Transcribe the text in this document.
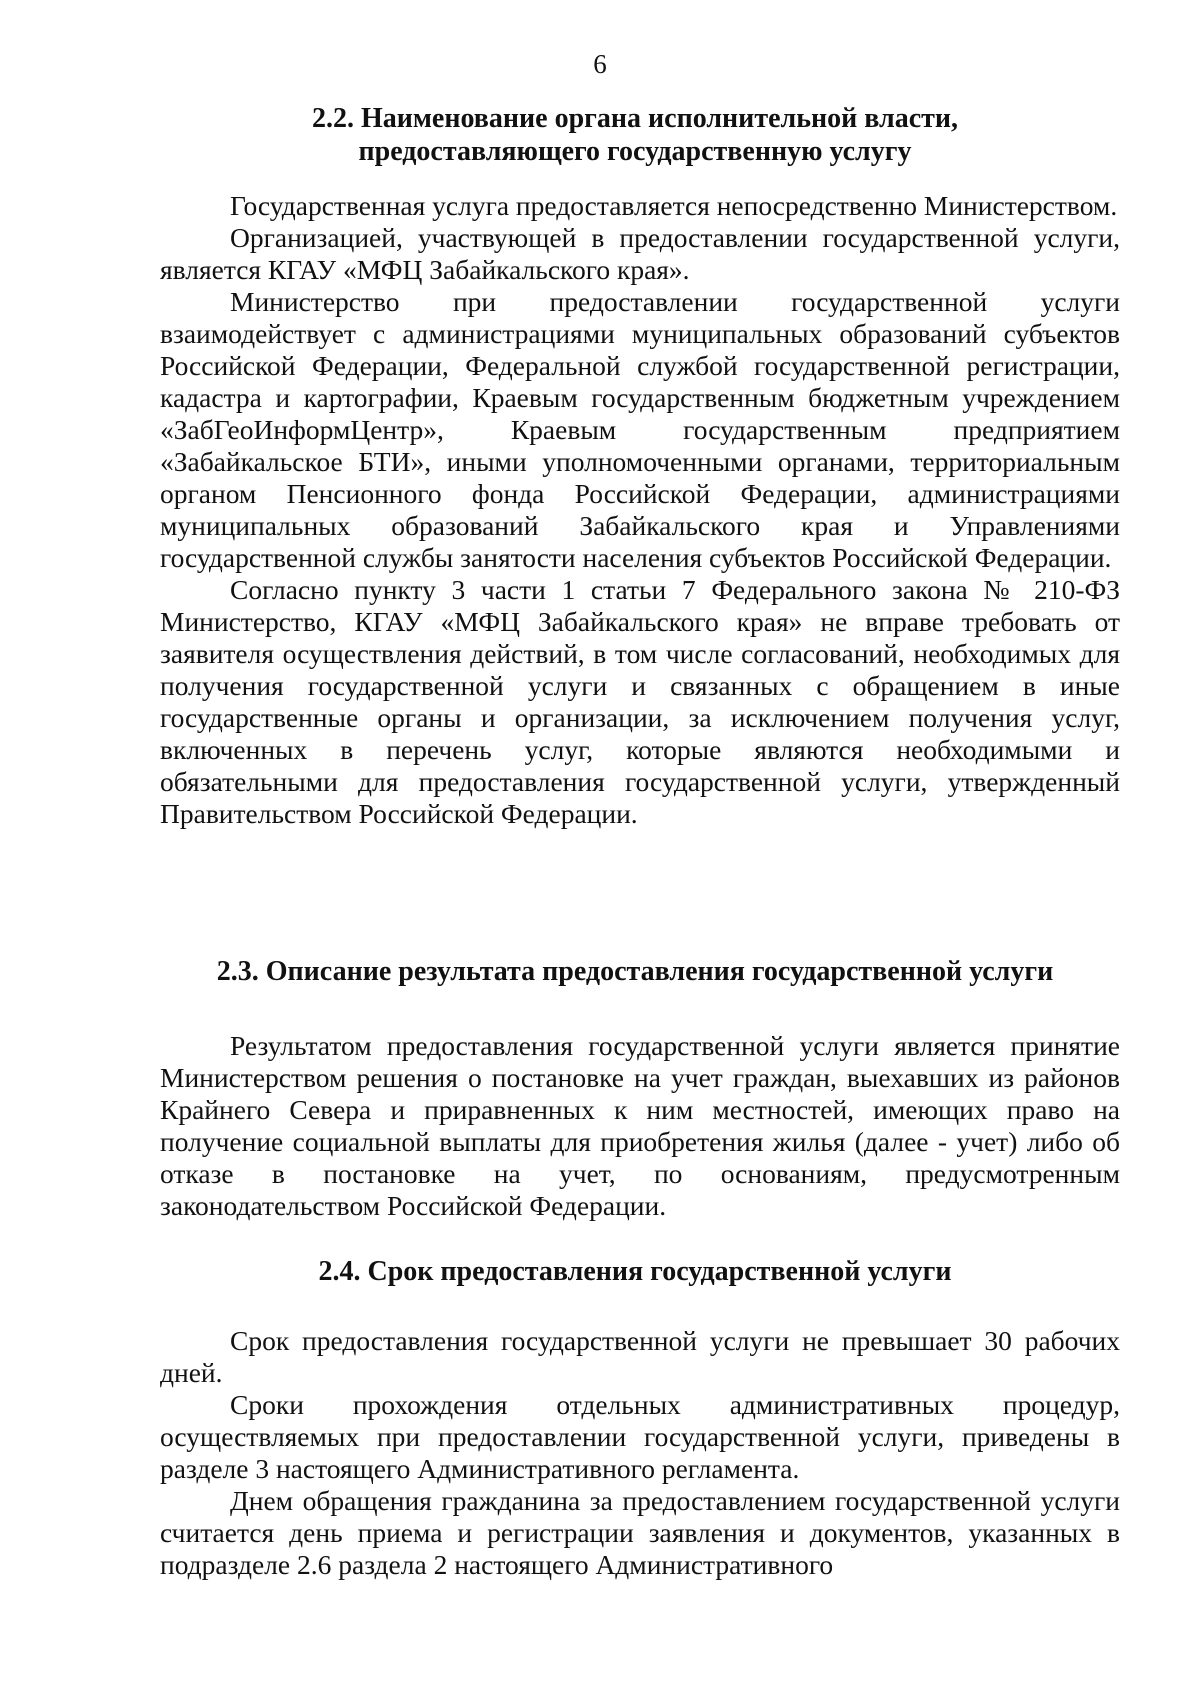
6
2.2. Наименование органа исполнительной власти,
предоставляющего государственную услугу

Государственная услуга предоставляется непосредственно Министерством.

Организацией, участвующей в предоставлении государственной услуги, является КГАУ «МФЦ Забайкальского края».

Министерство при предоставлении государственной услуги взаимодействует с администрациями муниципальных образований субъектов Российской Федерации, Федеральной службой государственной регистрации, кадастра и картографии, Краевым государственным бюджетным учреждением «ЗабГеоИнформЦентр», Краевым государственным предприятием «Забайкальское БТИ», иными уполномоченными органами, территориальным органом Пенсионного фонда Российской Федерации, администрациями муниципальных образований Забайкальского края и Управлениями государственной службы занятости населения субъектов Российской Федерации.

Согласно пункту 3 части 1 статьи 7 Федерального закона № 210-ФЗ Министерство, КГАУ «МФЦ Забайкальского края» не вправе требовать от заявителя осуществления действий, в том числе согласований, необходимых для получения государственной услуги и связанных с обращением в иные государственные органы и организации, за исключением получения услуг, включенных в перечень услуг, которые являются необходимыми и обязательными для предоставления государственной услуги, утвержденный Правительством Российской Федерации.

2.3. Описание результата предоставления государственной услуги

Результатом предоставления государственной услуги является принятие Министерством решения о постановке на учет граждан, выехавших из районов Крайнего Севера и приравненных к ним местностей, имеющих право на получение социальной выплаты для приобретения жилья (далее - учет) либо об отказе в постановке на учет, по основаниям, предусмотренным законодательством Российской Федерации.

2.4. Срок предоставления государственной услуги

Срок предоставления государственной услуги не превышает 30 рабочих дней.

Сроки прохождения отдельных административных процедур, осуществляемых при предоставлении государственной услуги, приведены в разделе 3 настоящего Административного регламента.

Днем обращения гражданина за предоставлением государственной услуги считается день приема и регистрации заявления и документов, указанных в подразделе 2.6 раздела 2 настоящего Административного
